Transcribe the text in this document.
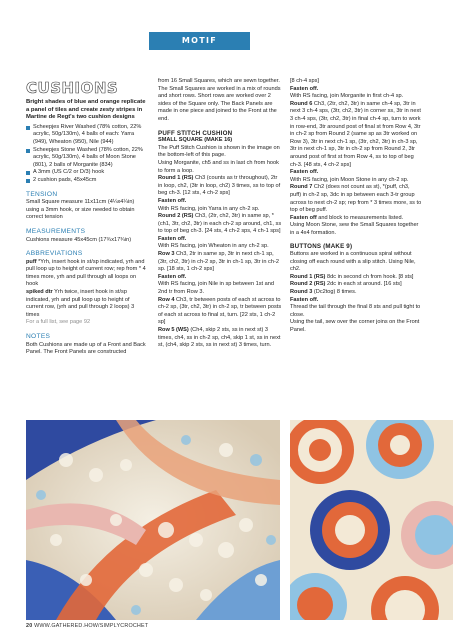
MOTIF HOMEWARES
CUSHIONS

Bright shades of blue and orange replicate a panel of tiles and create zesty stripes in Martine de Regt's two cushion designs

Scheepjes River Washed (78% cotton, 22% acrylic, 50g/130m), 4 balls of each: Yarra (949), Wheaton (950), Nile (944)
Scheepjes Stone Washed (78% cotton, 22% acrylic, 50g/130m), 4 balls of Moon Stone (801), 2 balls of Morganite (834)
A 3mm (US C/2 or D/3) hook
2 cushion pads, 45x45cm
TENSION

Small Square measure 11x11cm (4¼x4¼in) using a 3mm hook, or size needed to obtain correct tension

MEASUREMENTS

Cushions measure 45x45cm (17¾x17¾in)

ABBREVIATIONS

puff *Yrh, insert hook in st/sp indicated, yrh and pull loop up to height of current row; rep from * 4 times more, yrh and pull through all loops on hook

spiked dtr Yrh twice, insert hook in st/sp indicated, yrh and pull loop up to height of current row, (yrh and pull through 2 loops) 3 times

For a full list, see page 92

NOTES

Both Cushions are made up of a Front and Back Panel. The Front Panels are constructed

from 16 Small Squares, which are sewn together. The Small Squares are worked in a mix of rounds and short rows. Short rows are worked over 2 sides of the Square only. The Back Panels are made in one piece and joined to the Front at the end.

PUFF STITCH CUSHION
SMALL SQUARE (MAKE 16)

The Puff Stitch Cushion is shown in the image on the bottom-left of this page.

Using Morganite, ch5 and ss in last ch from hook to form a loop.

Round 1 (RS) Ch3 (counts as tr throughout), 2tr in loop, ch2, (3tr in loop, ch2) 3 times, ss to top of beg ch-3. [12 sts, 4 ch-2 sps]

Fasten off.

With RS facing, join Yarra in any ch-2 sp.

Round 2 (RS) Ch3, (2tr, ch2, 3tr) in same sp, *(ch1, 3tr, ch2, 3tr) in each ch-2 sp around, ch1, ss to top of beg ch-3. [24 sts, 4 ch-2 sps, 4 ch-1 sps]

Fasten off.

With RS facing, join Wheaton in any ch-2 sp.

Row 3 Ch3, 2tr in same sp, 3tr in next ch-1 sp, (3tr, ch2, 3tr) in ch-2 sp, 3tr in ch-1 sp, 3tr in ch-2 sp. [18 sts, 1 ch-2 sps]

Fasten off.

With RS facing, join Nile in sp between 1st and 2nd tr from Row 3.

Row 4 Ch3, tr between posts of each st across to ch-2 sp, (3tr, ch2, 3tr) in ch-2 sp, tr between posts of each st across to final st, turn. [22 sts, 1 ch-2 sp]

Row 5 (WS) (Ch4, skip 2 sts, ss in next st) 3 times, ch4, ss in ch-2 sp, ch4, skip 1 st, ss in next st, (ch4, skip 2 sts, ss in next st) 3 times, turn.

[8 ch-4 sps]

Fasten off.

With RS facing, join Morganite in first ch-4 sp.

Round 6 Ch3, (2tr, ch2, 3tr) in same ch-4 sp, 3tr in next 3 ch-4 sps, (3tr, ch2, 3tr) in corner ss, 3tr in next 3 ch-4 sps, (3tr, ch2, 3tr) in final ch-4 sp, turn to work in row-end, 3tr around post of final st from Row 4, 3tr in ch-2 sp from Round 2 (same sp as 3tr worked on Row 3), 3tr in next ch-1 sp, (3tr, ch2, 3tr) in ch-3 sp, 3tr in next ch-1 sp, 3tr in ch-2 sp from Round 2, 3tr around post of first st from Row 4, ss to top of beg ch-3. [48 sts, 4 ch-2 sps]

Fasten off.

With RS facing, join Moon Stone in any ch-2 sp.

Round 7 Ch2 (does not count as st), *(puff, ch3, puff) in ch-2 sp, 3dc in sp between each 3-tr group across to next ch-2 sp; rep from * 3 times more, ss to top of beg puff.

Fasten off and block to measurements listed.

Using Moon Stone, sew the Small Squares together in a 4x4 formation.

BUTTONS (MAKE 9)

Buttons are worked in a continuous spiral without closing off each round with a slip stitch. Using Nile, ch2.

Round 1 (RS) 8dc in second ch from hook. [8 sts]

Round 2 (RS) 2dc in each st around. [16 sts]

Round 3 (Dc2tog) 8 times.

Fasten off.

Thread the tail through the final 8 sts and pull tight to close.

Using the tail, sew over the corner joins on the Front Panel.

20 WWW.GATHERED.HOW/SIMPLYCROCHET
